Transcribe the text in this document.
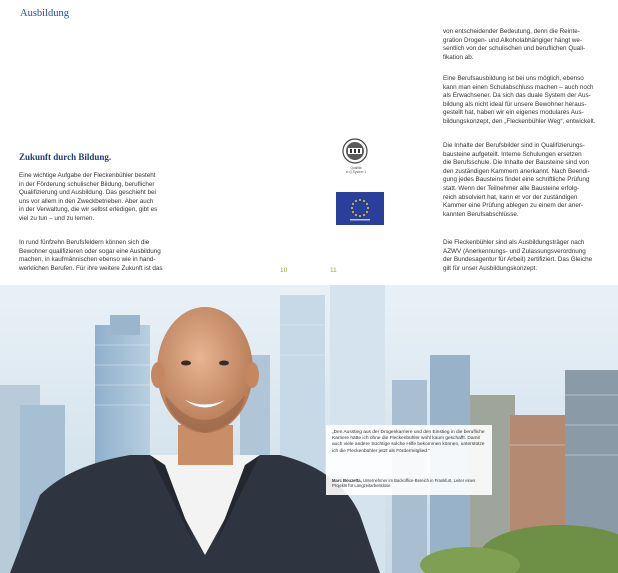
Ausbildung
Zukunft durch Bildung.
Eine wichtige Aufgabe der Fleckenbühler besteht
in der Förderung schulischer Bildung, beruflicher
Qualifizierung und Ausbildung. Das geschieht bei
uns vor allem in den Zweckbetrieben. Aber auch
in der Verwaltung, die wir selbst erledigen, gibt es
viel zu tun – und zu lernen.
In rund fünfzehn Berufsfeldern können sich die
Bewohner qualifizieren oder sogar eine Ausbildung
machen, in kaufmännischen ebenso wie in hand-
werklichen Berufen. Für ihre weitere Zukunft ist das
von entscheidender Bedeutung, denn die Reinte-
gration Drogen- und Alkoholabhängiger hängt we-
sentlich von der schulischen und beruflichen Quali-
fikation ab.
Eine Berufsausbildung ist bei uns möglich, ebenso
kann man einen Schulabschluss machen – auch noch
als Erwachsener. Da sich das duale System der Aus-
bildung als nicht ideal für unsere Bewohner heraus-
gestellt hat, haben wir ein eigenes modulares Aus-
bildungskonzept, den „Fleckenbühler Weg“, entwickelt.
Die Inhalte der Berufsbilder sind in Qualifizierungs-
bausteine aufgeteilt. Interne Schulungen ersetzen
die Berufsschule. Die Inhalte der Bausteine sind von
den zuständigen Kammern anerkannt. Nach Beendi-
gung jedes Bausteins findet eine schriftliche Prüfung
statt. Wenn der Teilnehmer alle Bausteine erfolg-
reich absolviert hat, kann er vor der zuständigen
Kammer eine Prüfung ablegen zu einem der aner-
kannten Berufsabschlüsse.
Die Fleckenbühler sind als Ausbildungsträger nach
AZWV (Anerkennungs- und Zulassungsverordnung
der Bundesagentur für Arbeit) zertifiziert. Das Gleiche
gilt für unser Ausbildungskonzept.
10	11
Qualität
in Q-System 1
„Den Ausstieg aus der Drogenkarriere und den Einstieg in die berufliche Karriere hätte ich ohne die Fleckenbühler wohl kaum geschafft. Damit auch viele andere Süchtige solche Hilfe bekommen können, unterstütze ich die Fleckenbühler jetzt als Fördermitglied.“
Marc Bouzetta, Unternehmer im Backoffice-Bereich in Frankfurt, Leiter eines Projekts für Langzeitarbeitslose
